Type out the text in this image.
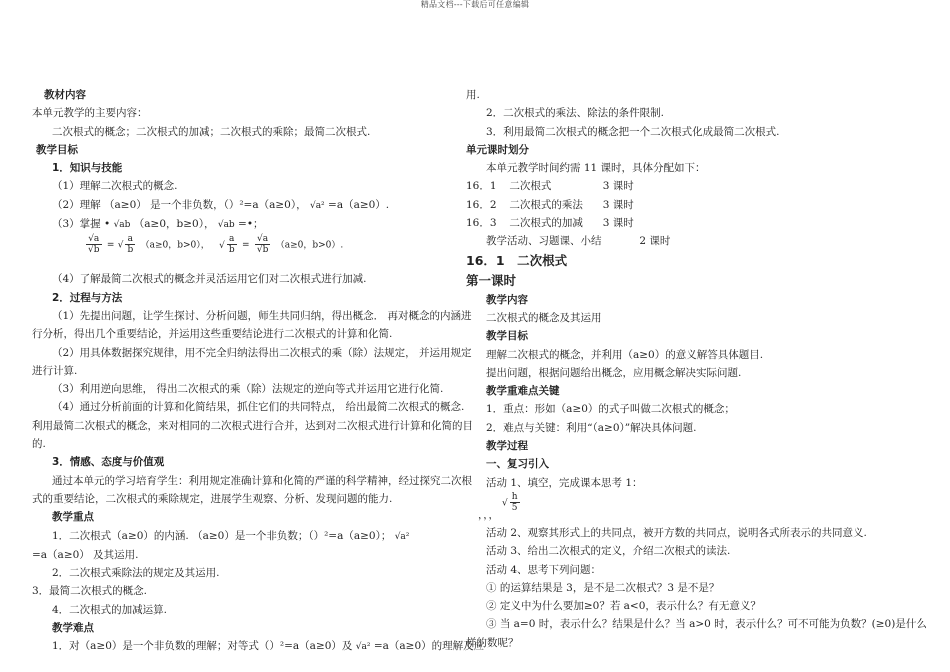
精品文档---下载后可任意编辑
教材内容
本单元教学的主要内容：
二次根式的概念；二次根式的加减；二次根式的乘除；最简二次根式.
教学目标
1．知识与技能
（1）理解二次根式的概念.
（2）理解 （a≥0） 是一个非负数，（）²=a（a≥0）， √a² =a（a≥0）.
（3）掌握 • √ab （a≥0，b≥0）， √ab =•；
$\frac{√a}{√b}$ = √ $\frac{a}{b} (a\ge 0$，b>0）， √ $\frac{a}{b} = \frac{√a}{√b} (a\ge 0$，b>0）.
（4）了解最简二次根式的概念并灵活运用它们对二次根式进行加减.
2．过程与方法
（1）先提出问题，让学生探讨、分析问题，师生共同归纳，得出概念． 再对概念的内涵进
行分析，得出几个重要结论，并运用这些重要结论进行二次根式的计算和化简.
（2）用具体数据探究规律，用不完全归纳法得出二次根式的乘（除）法规定， 并运用规定
进行计算.
（3）利用逆向思维， 得出二次根式的乘（除）法规定的逆向等式并运用它进行化简.
（4）通过分析前面的计算和化简结果，抓住它们的共同特点， 给出最简二次根式的概念.
利用最简二次根式的概念，来对相同的二次根式进行合并，达到对二次根式进行计算和化简的目
的.
3．情感、态度与价值观
通过本单元的学习培育学生：利用规定准确计算和化简的严谨的科学精神，经过探究二次根
式的重要结论，二次根式的乘除规定，进展学生观察、分析、发现问题的能力.
教学重点
1．二次根式（a≥0）的内涵. （a≥0）是一个非负数；（）²=a（a≥0）； √a²
=a（a≥0） 及其运用.
2．二次根式乘除法的规定及其运用.
3．最简二次根式的概念.
4．二次根式的加减运算.
教学难点
1．对（a≥0）是一个非负数的理解；对等式（）²=a（a≥0）及 √a² =a（a≥0）的理解及应
用.
2．二次根式的乘法、除法的条件限制.
3．利用最简二次根式的概念把一个二次根式化成最简二次根式.
单元课时划分
本单元教学时间约需 11 课时，具体分配如下：
16．1 二次根式	3 课时
16．2 二次根式的乘法 3 课时
16．3 二次根式的加减 3 课时
教学活动、习题课、小结	2 课时
16．1　二次根式
第一课时
教学内容
二次根式的概念及其运用
教学目标
理解二次根式的概念，并利用（a≥0）的意义解答具体题目.
提出问题，根据问题给出概念，应用概念解决实际问题.
教学重难点关键
1．重点：形如（a≥0）的式子叫做二次根式的概念；
2．难点与关键：利用“（a≥0）”解决具体问题.
教学过程
一、复习引入
活动 1、填空，完成课本思考 1：
√ $\frac{h}{5}$
，，，
活动 2、观察其形式上的共同点，被开方数的共同点，说明各式所表示的共同意义.
活动 3、给出二次根式的定义，介绍二次根式的读法.
活动 4、思考下列问题：
① 的运算结果是 3，是不是二次根式？3 是不是？
② 定义中为什么要加≥0？若 a<0，表示什么？有无意义？
③ 当 a=0 时，表示什么？结果是什么？当 a>0 时，表示什么？可不可能为负数？(≥0)是什么
样的数呢？
